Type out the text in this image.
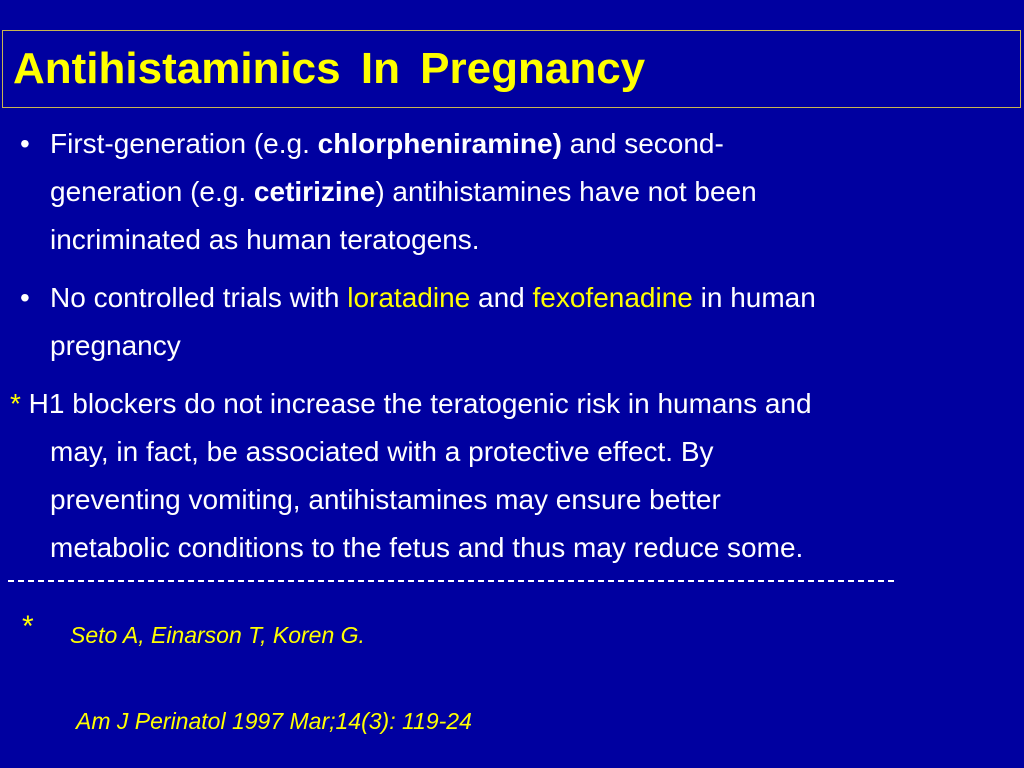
Antihistaminics In Pregnancy
• First-generation (e.g. chlorpheniramine) and second-
generation (e.g. cetirizine) antihistamines have not been
incriminated as human teratogens.
• No controlled trials with loratadine and fexofenadine in human
pregnancy
* H1 blockers do not increase the teratogenic risk in humans and
may, in fact, be associated with a protective effect. By
preventing vomiting, antihistamines may ensure better
metabolic conditions to the fetus and thus may reduce some.
* Seto A, Einarson T, Koren G.
Am J Perinatol 1997 Mar;14(3): 119-24
